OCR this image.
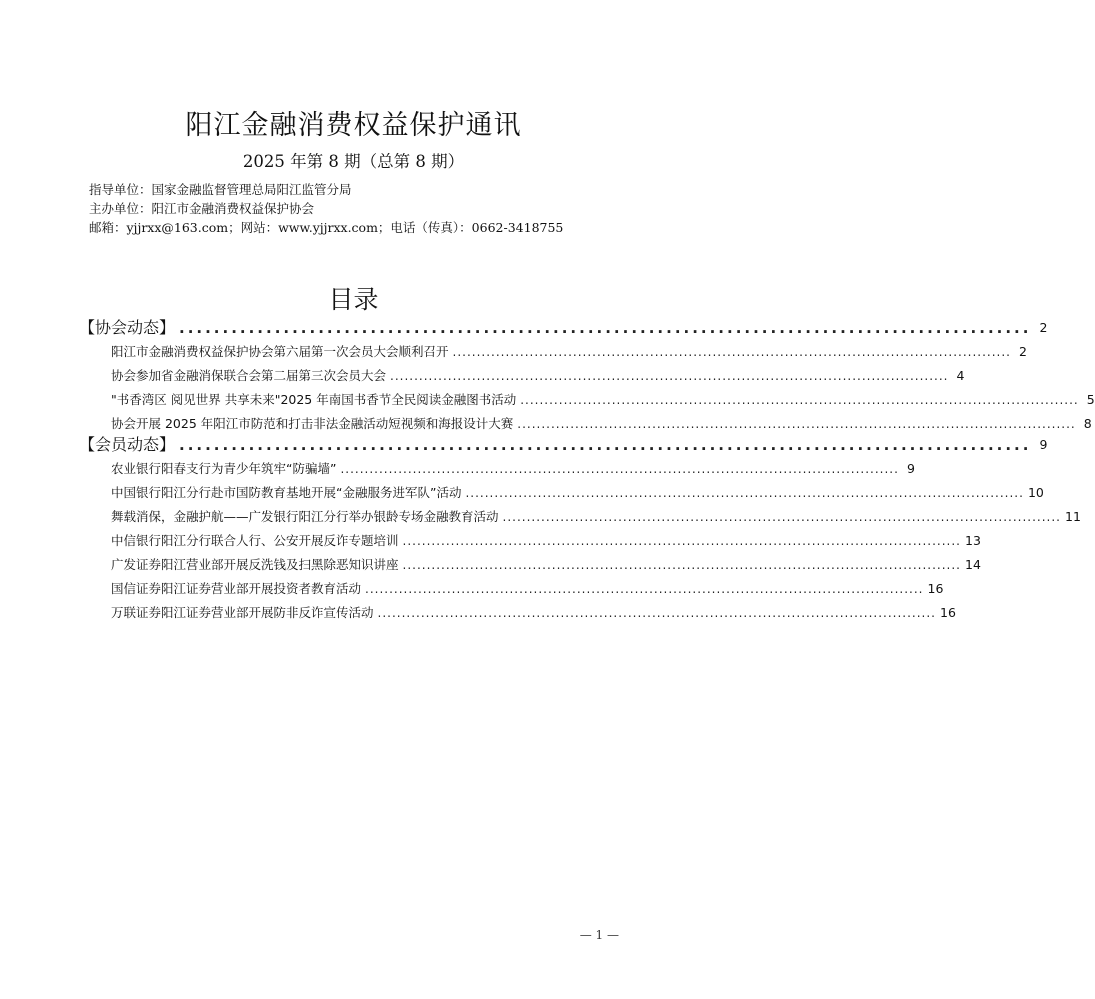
阳江金融消费权益保护通讯
2025 年第 8 期（总第 8 期）
指导单位：国家金融监督管理总局阳江监管分局
主办单位：阳江市金融消费权益保护协会
邮箱：yjjrxx@163.com；网站：www.yjjrxx.com；电话（传真）：0662-3418755
目录
【协会动态】 .................................................................................................. 2
阳江市金融消费权益保护协会第六届第一次会员大会顺利召开 .................................................................................................................... 2
协会参加省金融消保联合会第二届第三次会员大会 .................................................................................................................... 4
"书香湾区 阅见世界 共享未来"2025 年南国书香节全民阅读金融图书活动 .................................................................................................................... 5
协会开展 2025 年阳江市防范和打击非法金融活动短视频和海报设计大赛 .................................................................................................................... 8
【会员动态】 .................................................................................................. 9
农业银行阳春支行为青少年筑牢“防骗墙” .................................................................................................................... 9
中国银行阳江分行赴市国防教育基地开展“金融服务进军队”活动 .................................................................................................................... 10
舞载消保，金融护航——广发银行阳江分行举办银龄专场金融教育活动 .................................................................................................................... 11
中信银行阳江分行联合人行、公安开展反诈专题培训 .................................................................................................................... 13
广发证券阳江营业部开展反洗钱及扫黑除恶知识讲座 .................................................................................................................... 14
国信证券阳江证券营业部开展投资者教育活动 .................................................................................................................... 16
万联证券阳江证券营业部开展防非反诈宣传活动 .................................................................................................................... 16
— 1 —
